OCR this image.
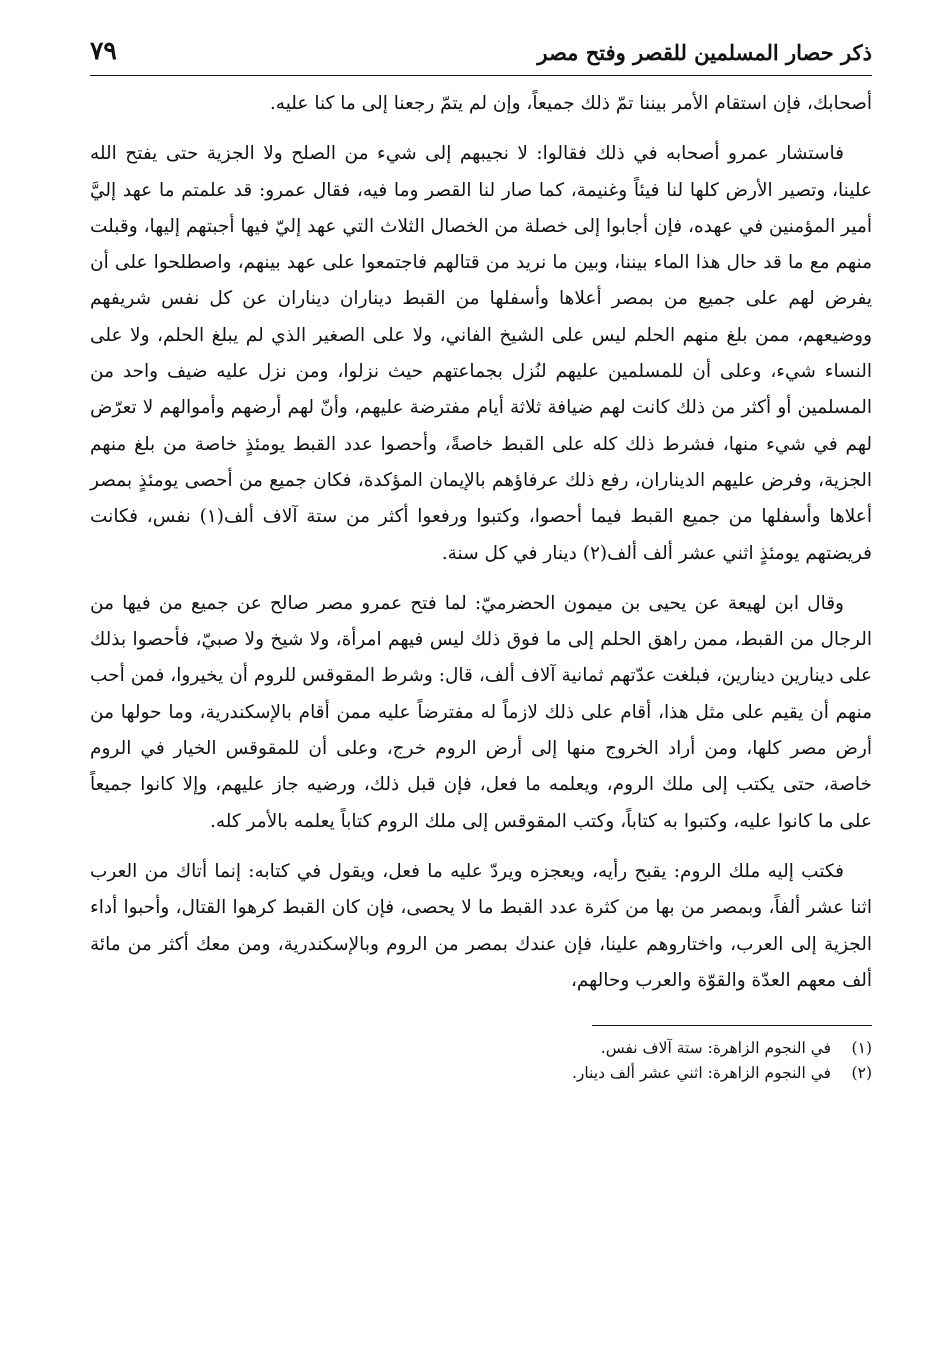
ذكر حصار المسلمين للقصر وفتح مصر
٧٩

أصحابك، فإن استقام الأمر بيننا تمّ ذلك جميعاً، وإن لم يتمّ رجعنا إلى ما كنا عليه.

فاستشار عمرو أصحابه في ذلك فقالوا: لا نجيبهم إلى شيء من الصلح ولا الجزية حتى يفتح الله علينا، وتصير الأرض كلها لنا فيئاً وغنيمة، كما صار لنا القصر وما فيه، فقال عمرو: قد علمتم ما عهد إليَّ أمير المؤمنين في عهده، فإن أجابوا إلى خصلة من الخصال الثلاث التي عهد إليّ فيها أجبتهم إليها، وقبلت منهم مع ما قد حال هذا الماء بيننا، وبين ما نريد من قتالهم فاجتمعوا على عهد بينهم، واصطلحوا على أن يفرض لهم على جميع من بمصر أعلاها وأسفلها من القبط ديناران ديناران عن كل نفس شريفهم ووضيعهم، ممن بلغ منهم الحلم ليس على الشيخ الفاني، ولا على الصغير الذي لم يبلغ الحلم، ولا على النساء شيء، وعلى أن للمسلمين عليهم لنُزل بجماعتهم حيث نزلوا، ومن نزل عليه ضيف واحد من المسلمين أو أكثر من ذلك كانت لهم ضيافة ثلاثة أيام مفترضة عليهم، وأنّ لهم أرضهم وأموالهم لا تعرّض لهم في شيء منها، فشرط ذلك كله على القبط خاصةً، وأحصوا عدد القبط يومئذٍ خاصة من بلغ منهم الجزية، وفرض عليهم الديناران، رفع ذلك عرفاؤهم بالإيمان المؤكدة، فكان جميع من أحصى يومئذٍ بمصر أعلاها وأسفلها من جميع القبط فيما أحصوا، وكتبوا ورفعوا أكثر من ستة آلاف ألف(١) نفس، فكانت فريضتهم يومئذٍ اثني عشر ألف ألف(٢) دينار في كل سنة.

وقال ابن لهيعة عن يحيى بن ميمون الحضرميّ: لما فتح عمرو مصر صالح عن جميع من فيها من الرجال من القبط، ممن راهق الحلم إلى ما فوق ذلك ليس فيهم امرأة، ولا شيخ ولا صبيّ، فأحصوا بذلك على دينارين دينارين، فبلغت عدّتهم ثمانية آلاف ألف، قال: وشرط المقوقس للروم أن يخيروا، فمن أحب منهم أن يقيم على مثل هذا، أقام على ذلك لازماً له مفترضاً عليه ممن أقام بالإسكندرية، وما حولها من أرض مصر كلها، ومن أراد الخروج منها إلى أرض الروم خرج، وعلى أن للمقوقس الخيار في الروم خاصة، حتى يكتب إلى ملك الروم، ويعلمه ما فعل، فإن قبل ذلك، ورضيه جاز عليهم، وإلا كانوا جميعاً على ما كانوا عليه، وكتبوا به كتاباً، وكتب المقوقس إلى ملك الروم كتاباً يعلمه بالأمر كله.

فكتب إليه ملك الروم: يقبح رأيه، ويعجزه ويردّ عليه ما فعل، ويقول في كتابه: إنما أتاك من العرب اثنا عشر ألفاً، وبمصر من بها من كثرة عدد القبط ما لا يحصى، فإن كان القبط كرهوا القتال، وأحبوا أداء الجزية إلى العرب، واختاروهم علينا، فإن عندك بمصر من الروم وبالإسكندرية، ومن معك أكثر من مائة ألف معهم العدّة والقوّة والعرب وحالهم،

(١) في النجوم الزاهرة: ستة آلاف نفس.

(٢) في النجوم الزاهرة: اثني عشر ألف دينار.
